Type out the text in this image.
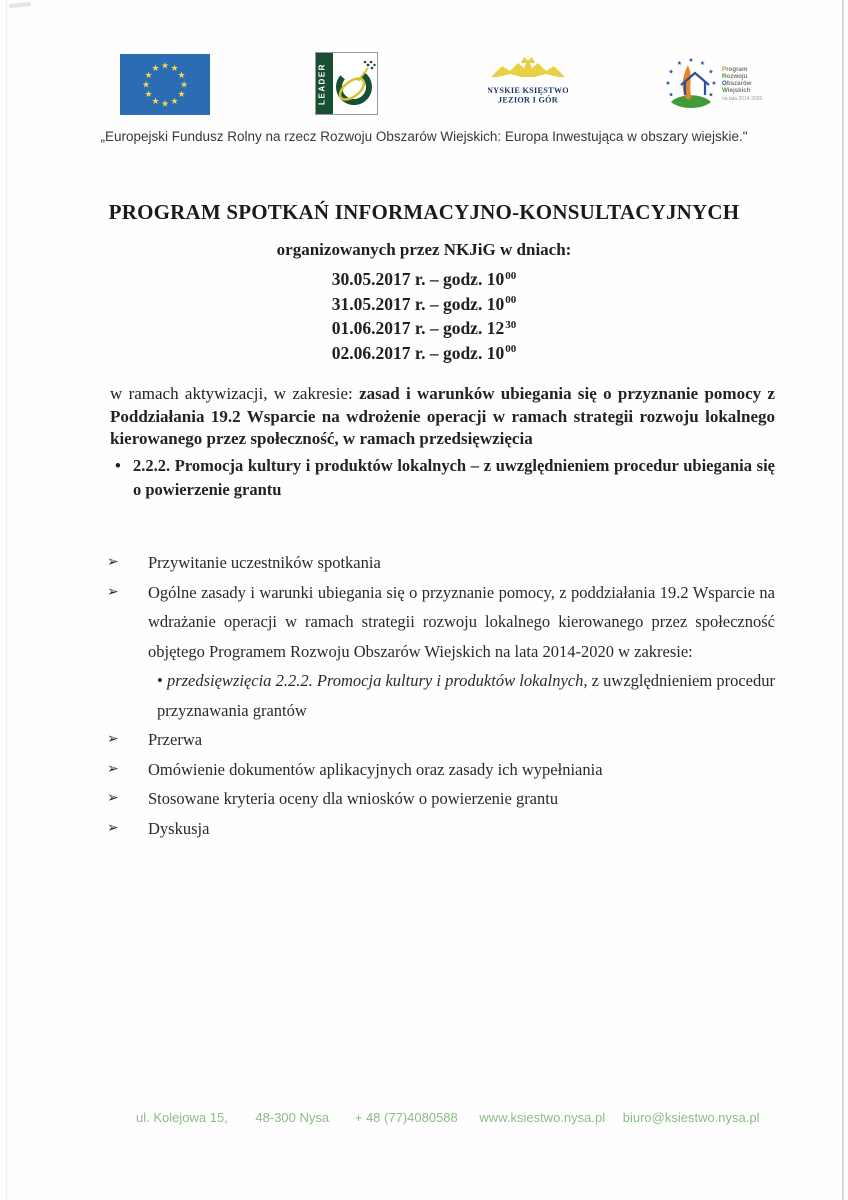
★ ★
★
★
★
★
★
★
★
★
★
★	LEADER	NYSKIE KSIĘSTWO
JEZIOR I GÓR
★
★
★
★ ★ ★
★
★
★
Program
Rozwoju
Obszarów
Wiejskich
na lata 2014-2020
„Europejski Fundusz Rolny na rzecz Rozwoju Obszarów Wiejskich: Europa Inwestująca w obszary wiejskie."
PROGRAM SPOTKAŃ INFORMACYJNO-KONSULTACYJNYCH
organizowanych przez NKJiG w dniach:
30.05.2017 r. – godz. $10^{00}$
31.05.2017 r. – godz. $10^{00}$
01.06.2017 r. – godz. $12^{30}$
02.06.2017 r. – godz. $10^{00}$
w ramach aktywizacji, w zakresie: zasad i warunków ubiegania się o przyznanie pomocy z Poddziałania 19.2 Wsparcie na wdrożenie operacji w ramach strategii rozwoju lokalnego kierowanego przez społeczność, w ramach przedsięwzięcia
• 2.2.2. Promocja kultury i produktów lokalnych – z uwzględnieniem procedur ubiegania się o powierzenie grantu
➢ Przywitanie uczestników spotkania
➢ Ogólne zasady i warunki ubiegania się o przyznanie pomocy, z poddziałania 19.2 Wsparcie na wdrażanie operacji w ramach strategii rozwoju lokalnego kierowanego przez społeczność objętego Programem Rozwoju Obszarów Wiejskich na lata 2014-2020 w zakresie:
• przedsięwzięcia 2.2.2. Promocja kultury i produktów lokalnych, z uwzględnieniem procedur przyznawania grantów
➢ Przerwa
➢ Omówienie dokumentów aplikacyjnych oraz zasady ich wypełniania
➢ Stosowane kryteria oceny dla wniosków o powierzenie grantu
➢ Dyskusja
ul. Kolejowa 15, 48-300 Nysa + 48 (77)4080588 www.ksiestwo.nysa.pl biuro@ksiestwo.nysa.pl
